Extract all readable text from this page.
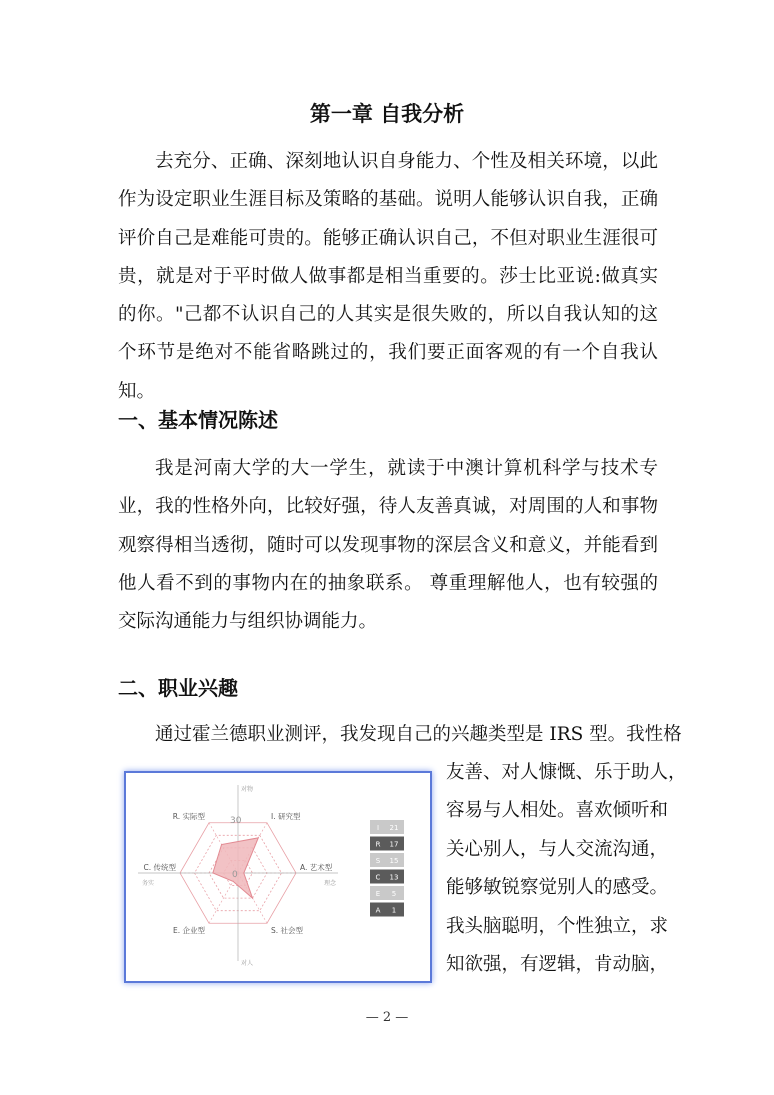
第一章 自我分析

去充分、正确、深刻地认识自身能力、个性及相关环境，以此作为设定职业生涯目标及策略的基础。说明人能够认识自我，正确评价自己是难能可贵的。能够正确认识自己，不但对职业生涯很可贵，就是对于平时做人做事都是相当重要的。莎士比亚说:做真实的你。"己都不认识自己的人其实是很失败的，所以自我认知的这个环节是绝对不能省略跳过的，我们要正面客观的有一个自我认知。

一、基本情况陈述

我是河南大学的大一学生，就读于中澳计算机科学与技术专业，我的性格外向，比较好强，待人友善真诚，对周围的人和事物观察得相当透彻，随时可以发现事物的深层含义和意义，并能看到他人看不到的事物内在的抽象联系。 尊重理解他人，也有较强的交际沟通能力与组织协调能力。

二、职业兴趣
通过霍兰德职业测评，我发现自己的兴趣类型是 IRS 型。我性格
友善、对人慷慨、乐于助人，
容易与人相处。喜欢倾听和
关心别人，与人交流沟通，
能够敏锐察觉别人的感受。
我头脑聪明，个性独立，求
知欲强，有逻辑，肯动脑，
30
0
I. 研究型
A. 艺术型
S. 社会型
E. 企业型
C. 传统型
R. 实际型
对物
对人
务实	理念
I 21
R 17
S 15
C 13
E 5
A 1
— 2 —
